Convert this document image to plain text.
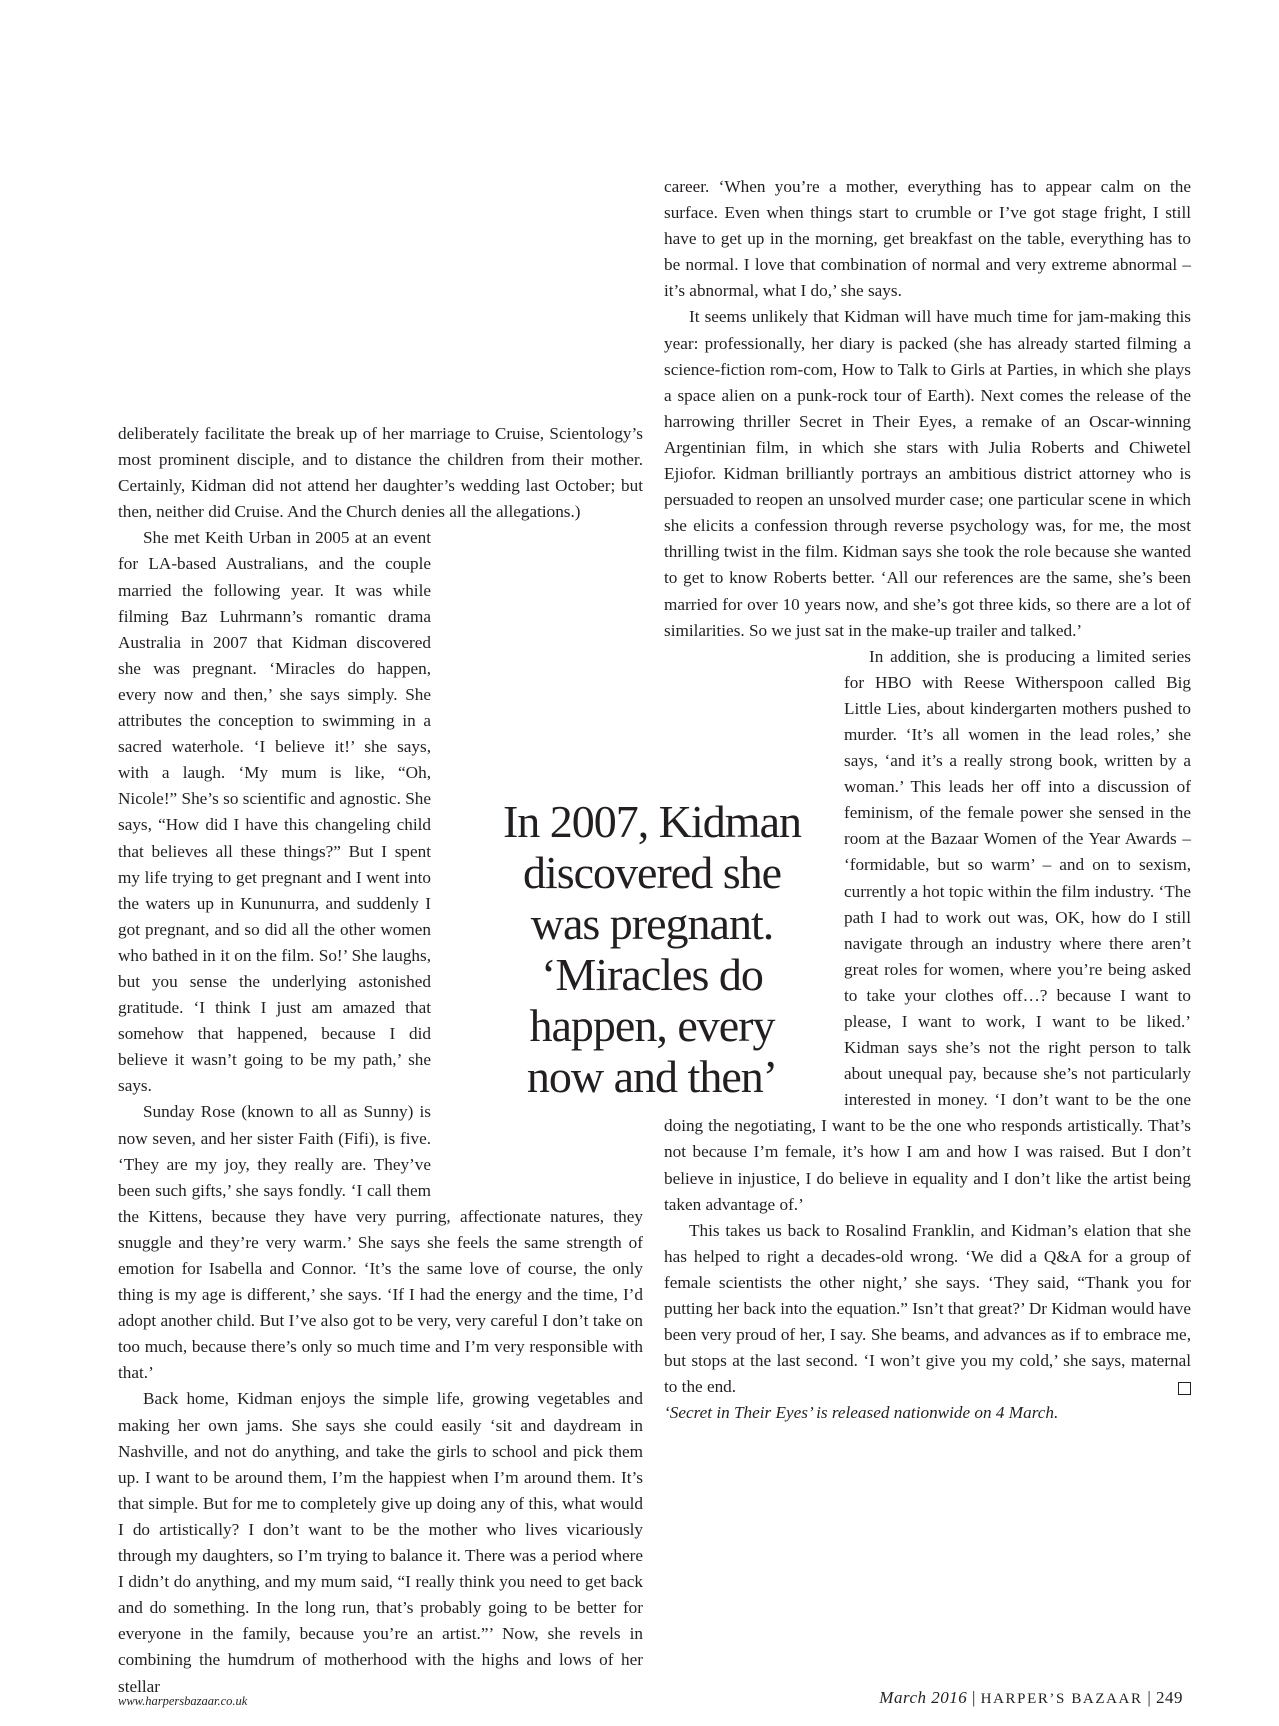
deliberately facilitate the break up of her marriage to Cruise, Scientology’s most prominent disciple, and to distance the children from their mother. Certainly, Kidman did not attend her daughter’s wedding last October; but then, neither did Cruise. And the Church denies all the allegations.)

She met Keith Urban in 2005 at an event for LA-based Australians, and the couple married the following year. It was while filming Baz Luhrmann’s romantic drama Australia in 2007 that Kidman discovered she was pregnant. ‘Miracles do happen, every now and then,’ she says simply. She attributes the conception to swimming in a sacred waterhole. ‘I believe it!’ she says, with a laugh. ‘My mum is like, “Oh, Nicole!” She’s so scientific and agnostic. She says, “How did I have this changeling child that believes all these things?” But I spent my life trying to get pregnant and I went into the waters up in Kununurra, and suddenly I got pregnant, and so did all the other women who bathed in it on the film. So!’ She laughs, but you sense the underlying astonished gratitude. ‘I think I just am amazed that somehow that happened, because I did believe it wasn’t going to be my path,’ she says.

Sunday Rose (known to all as Sunny) is now seven, and her sister Faith (Fifi), is five. ‘They are my joy, they really are. They’ve been such gifts,’ she says fondly. ‘I call them the Kittens, because they have very purring, affectionate natures, they snuggle and they’re very warm.’ She says she feels the same strength of emotion for Isabella and Connor. ‘It’s the same love of course, the only thing is my age is different,’ she says. ‘If I had the energy and the time, I’d adopt another child. But I’ve also got to be very, very careful I don’t take on too much, because there’s only so much time and I’m very responsible with that.’

Back home, Kidman enjoys the simple life, growing vegetables and making her own jams. She says she could easily ‘sit and daydream in Nashville, and not do anything, and take the girls to school and pick them up. I want to be around them, I’m the happiest when I’m around them. It’s that simple. But for me to completely give up doing any of this, what would I do artistically? I don’t want to be the mother who lives vicariously through my daughters, so I’m trying to balance it. There was a period where I didn’t do anything, and my mum said, “I really think you need to get back and do something. In the long run, that’s probably going to be better for everyone in the family, because you’re an artist.”’ Now, she revels in combining the humdrum of motherhood with the highs and lows of her stellar

career. ‘When you’re a mother, everything has to appear calm on the surface. Even when things start to crumble or I’ve got stage fright, I still have to get up in the morning, get breakfast on the table, everything has to be normal. I love that combination of normal and very extreme abnormal – it’s abnormal, what I do,’ she says.

It seems unlikely that Kidman will have much time for jam-making this year: professionally, her diary is packed (she has already started filming a science-fiction rom-com, How to Talk to Girls at Parties, in which she plays a space alien on a punk-rock tour of Earth). Next comes the release of the harrowing thriller Secret in Their Eyes, a remake of an Oscar-winning Argentinian film, in which she stars with Julia Roberts and Chiwetel Ejiofor. Kidman brilliantly portrays an ambitious district attorney who is persuaded to reopen an unsolved murder case; one particular scene in which she elicits a confession through reverse psychology was, for me, the most thrilling twist in the film. Kidman says she took the role because she wanted to get to know Roberts better. ‘All our references are the same, she’s been married for over 10 years now, and she’s got three kids, so there are a lot of similarities. So we just sat in the make-up trailer and talked.’

In addition, she is producing a limited series for HBO with Reese Witherspoon called Big Little Lies, about kindergarten mothers pushed to murder. ‘It’s all women in the lead roles,’ she says, ‘and it’s a really strong book, written by a woman.’ This leads her off into a discussion of feminism, of the female power she sensed in the room at the Bazaar Women of the Year Awards – ‘formidable, but so warm’ – and on to sexism, currently a hot topic within the film industry. ‘The path I had to work out was, OK, how do I still navigate through an industry where there aren’t great roles for women, where you’re being asked to take your clothes off…? because I want to please, I want to work, I want to be liked.’ Kidman says she’s not the right person to talk about unequal pay, because she’s not particularly interested in money. ‘I don’t want to be the one doing the negotiating, I want to be the one who responds artistically. That’s not because I’m female, it’s how I am and how I was raised. But I don’t believe in injustice, I do believe in equality and I don’t like the artist being taken advantage of.’

This takes us back to Rosalind Franklin, and Kidman’s elation that she has helped to right a decades-old wrong. ‘We did a Q&A for a group of female scientists the other night,’ she says. ‘They said, “Thank you for putting her back into the equation.” Isn’t that great?’ Dr Kidman would have been very proud of her, I say. She beams, and advances as if to embrace me, but stops at the last second. ‘I won’t give you my cold,’ she says, maternal to the end.

‘Secret in Their Eyes’ is released nationwide on 4 March.

In 2007, Kidman
discovered she
was pregnant.
‘Miracles do
happen, every
now and then’
www.harpersbazaar.co.uk	March 2016 | HARPER’S BAZAAR | 249
